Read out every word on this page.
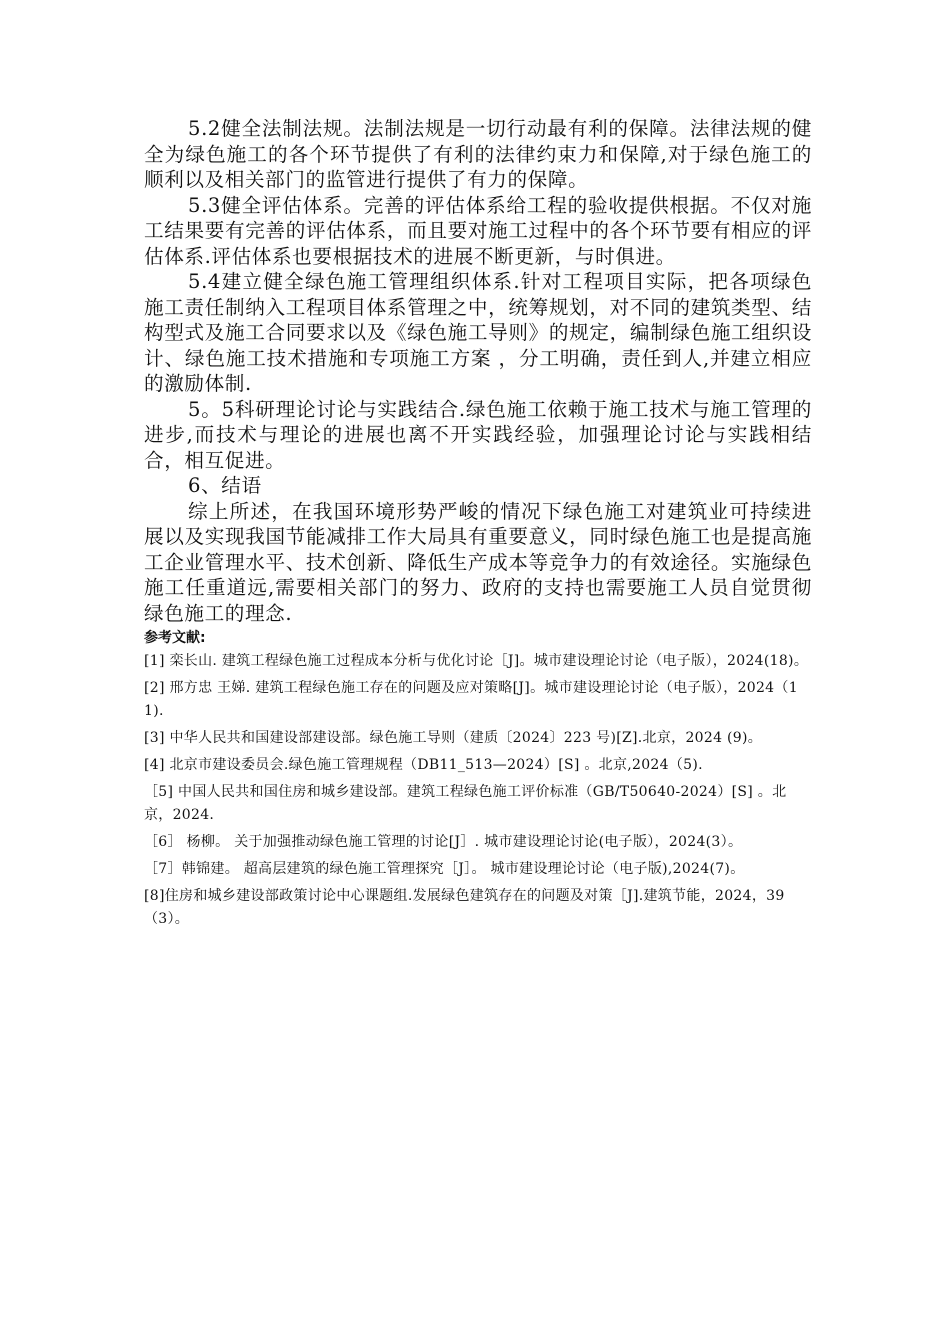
5.2健全法制法规。法制法规是一切行动最有利的保障。法律法规的健全为绿色施工的各个环节提供了有利的法律约束力和保障,对于绿色施工的顺利以及相关部门的监管进行提供了有力的保障。

5.3健全评估体系。完善的评估体系给工程的验收提供根据。不仅对施工结果要有完善的评估体系，而且要对施工过程中的各个环节要有相应的评估体系.评估体系也要根据技术的进展不断更新，与时俱进。

5.4建立健全绿色施工管理组织体系.针对工程项目实际，把各项绿色施工责任制纳入工程项目体系管理之中，统筹规划，对不同的建筑类型、结构型式及施工合同要求以及《绿色施工导则》的规定，编制绿色施工组织设计、绿色施工技术措施和专项施工方案 ，分工明确，责任到人,并建立相应的激励体制.

5。5科研理论讨论与实践结合.绿色施工依赖于施工技术与施工管理的进步,而技术与理论的进展也离不开实践经验，加强理论讨论与实践相结合，相互促进。

6、结语

综上所述，在我国环境形势严峻的情况下绿色施工对建筑业可持续进展以及实现我国节能减排工作大局具有重要意义，同时绿色施工也是提高施工企业管理水平、技术创新、降低生产成本等竞争力的有效途径。实施绿色施工任重道远,需要相关部门的努力、政府的支持也需要施工人员自觉贯彻绿色施工的理念.

参考文献:
[1] 栾长山. 建筑工程绿色施工过程成本分析与优化讨论［J]。城市建设理论讨论（电子版），2024(18)。
[2] 邢方忠 王娣. 建筑工程绿色施工存在的问题及应对策略[J]。城市建设理论讨论（电子版），2024（11).
[3] 中华人民共和国建设部建设部。绿色施工导则（建质〔2024〕223 号)[Z].北京，2024 (9)。
[4] 北京市建设委员会.绿色施工管理规程（DB11_513—2024）[S] 。北京,2024（5).
［5] 中国人民共和国住房和城乡建设部。建筑工程绿色施工评价标准（GB/T50640-2024）[S] 。北京，2024.
［6］ 杨柳。 关于加强推动绿色施工管理的讨论[J］. 城市建设理论讨论(电子版），2024(3）。
［7］韩锦建。 超高层建筑的绿色施工管理探究［J］。 城市建设理论讨论（电子版),2024(7)。
[8]住房和城乡建设部政策讨论中心课题组.发展绿色建筑存在的问题及对策［J].建筑节能，2024，39（3）。
